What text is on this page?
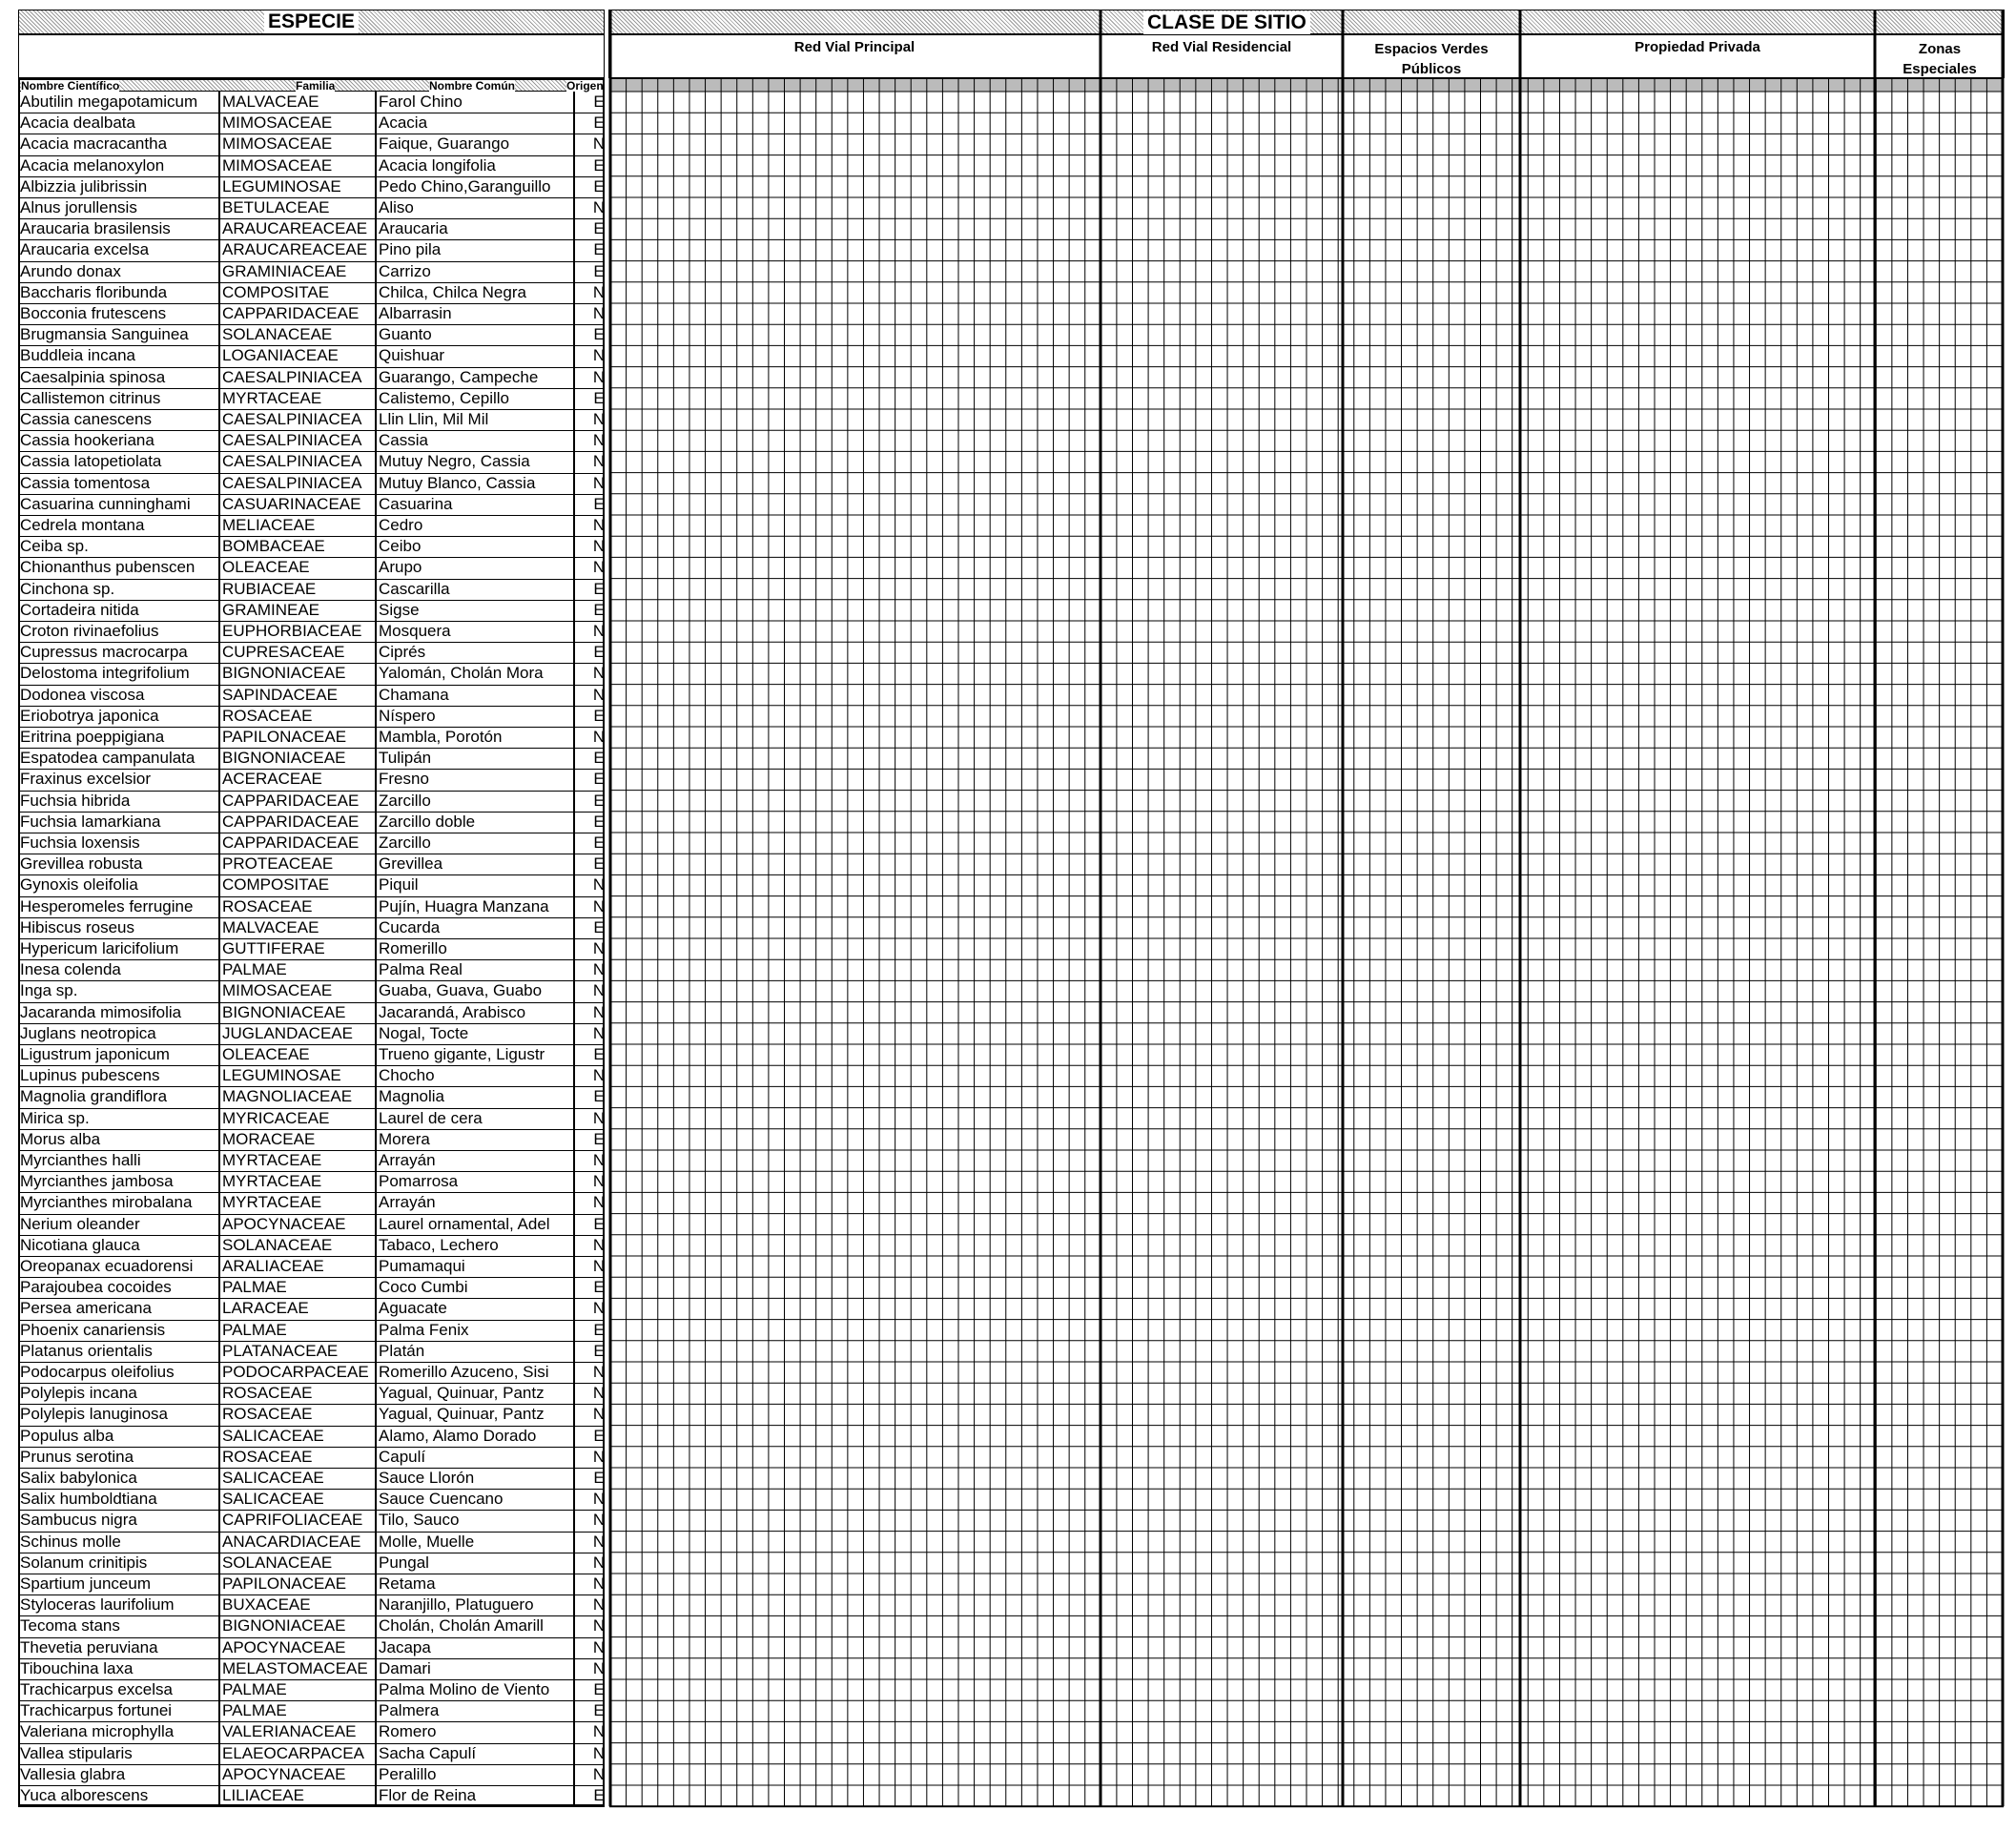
ESPECIE	CLASE DE SITIO
Red Vial Principal	Red Vial Residencial	Espacios Verdes Públicos
Propiedad Privada	Zonas Especiales
Nombre Científico	Familia	Nombre Común	Origen
Abutilin megapotamicum	MALVACEAE	Farol Chino	E
Acacia dealbata	MIMOSACEAE	Acacia	E
Acacia macracantha	MIMOSACEAE	Faique, Guarango	N
Acacia melanoxylon	MIMOSACEAE	Acacia longifolia	E
Albizzia julibrissin	LEGUMINOSAE	Pedo Chino,Garanguillo	E
Alnus jorullensis	BETULACEAE	Aliso	N
Araucaria brasilensis	ARAUCAREACEAE Araucaria	E
Araucaria excelsa	ARAUCAREACEAE Pino pila	E
Arundo donax	GRAMINIACEAE	Carrizo	E
Baccharis floribunda	COMPOSITAE	Chilca, Chilca Negra	N
Bocconia frutescens	CAPPARIDACEAE	Albarrasin	N
Brugmansia Sanguinea	SOLANACEAE	Guanto	E
Buddleia incana	LOGANIACEAE	Quishuar	N
Caesalpinia spinosa	CAESALPINIACEA	Guarango, Campeche	N
Callistemon citrinus	MYRTACEAE	Calistemo, Cepillo	E
Cassia canescens	CAESALPINIACEA	Llin Llin, Mil Mil	N
Cassia hookeriana	CAESALPINIACEA	Cassia	N
Cassia latopetiolata	CAESALPINIACEA	Mutuy Negro, Cassia	N
Cassia tomentosa	CAESALPINIACEA	Mutuy Blanco, Cassia	N
Casuarina cunninghami	CASUARINACEAE	Casuarina	E
Cedrela montana	MELIACEAE	Cedro	N
Ceiba sp.	BOMBACEAE	Ceibo	N
Chionanthus pubenscen	OLEACEAE	Arupo	N
Cinchona sp.	RUBIACEAE	Cascarilla	E
Cortadeira nitida	GRAMINEAE	Sigse	E
Croton rivinaefolius	EUPHORBIACEAE	Mosquera	N
Cupressus macrocarpa	CUPRESACEAE	Ciprés	E
Delostoma integrifolium	BIGNONIACEAE	Yalomán, Cholán Mora	N
Dodonea viscosa	SAPINDACEAE	Chamana	N
Eriobotrya japonica	ROSACEAE	Níspero	E
Eritrina poeppigiana	PAPILONACEAE	Mambla, Porotón	N
Espatodea campanulata	BIGNONIACEAE	Tulipán	E
Fraxinus excelsior	ACERACEAE	Fresno	E
Fuchsia hibrida	CAPPARIDACEAE	Zarcillo	E
Fuchsia lamarkiana	CAPPARIDACEAE	Zarcillo doble	E
Fuchsia loxensis	CAPPARIDACEAE	Zarcillo	E
Grevillea robusta	PROTEACEAE	Grevillea	E
Gynoxis oleifolia	COMPOSITAE	Piquil	N
Hesperomeles ferrugine	ROSACEAE	Pujín, Huagra Manzana	N
Hibiscus roseus	MALVACEAE	Cucarda	E
Hypericum laricifolium	GUTTIFERAE	Romerillo	N
Inesa colenda	PALMAE	Palma Real	N
Inga sp.	MIMOSACEAE	Guaba, Guava, Guabo	N
Jacaranda mimosifolia	BIGNONIACEAE	Jacarandá, Arabisco	N
Juglans neotropica	JUGLANDACEAE	Nogal, Tocte	N
Ligustrum japonicum	OLEACEAE	Trueno gigante, Ligustr	E
Lupinus pubescens	LEGUMINOSAE	Chocho	N
Magnolia grandiflora	MAGNOLIACEAE	Magnolia	E
Mirica sp.	MYRICACEAE	Laurel de cera	N
Morus alba	MORACEAE	Morera	E
Myrcianthes halli	MYRTACEAE	Arrayán	N
Myrcianthes jambosa	MYRTACEAE	Pomarrosa	N
Myrcianthes mirobalana	MYRTACEAE	Arrayán	N
Nerium oleander	APOCYNACEAE	Laurel ornamental, Adel	E
Nicotiana glauca	SOLANACEAE	Tabaco, Lechero	N
Oreopanax ecuadorensi	ARALIACEAE	Pumamaqui	N
Parajoubea cocoides	PALMAE	Coco Cumbi	E
Persea americana	LARACEAE	Aguacate	N
Phoenix canariensis	PALMAE	Palma Fenix	E
Platanus orientalis	PLATANACEAE	Platán	E
Podocarpus oleifolius	PODOCARPACEAE Romerillo Azuceno, Sisi	N
Polylepis incana	ROSACEAE	Yagual, Quinuar, Pantz	N
Polylepis lanuginosa	ROSACEAE	Yagual, Quinuar, Pantz	N
Populus alba	SALICACEAE	Alamo, Alamo Dorado	E
Prunus serotina	ROSACEAE	Capulí	N
Salix babylonica	SALICACEAE	Sauce Llorón	E
Salix humboldtiana	SALICACEAE	Sauce Cuencano	N
Sambucus nigra	CAPRIFOLIACEAE Tilo, Sauco	N
Schinus molle	ANACARDIACEAE	Molle, Muelle	N
Solanum crinitipis	SOLANACEAE	Pungal	N
Spartium junceum	PAPILONACEAE	Retama	N
Styloceras laurifolium	BUXACEAE	Naranjillo, Platuguero	N
Tecoma stans	BIGNONIACEAE	Cholán, Cholán Amarill	N
Thevetia peruviana	APOCYNACEAE	Jacapa	N
Tibouchina laxa	MELASTOMACEAE Damari	N
Trachicarpus excelsa	PALMAE	Palma Molino de Viento	E
Trachicarpus fortunei	PALMAE	Palmera	E
Valeriana microphylla	VALERIANACEAE	Romero	N
Vallea stipularis	ELAEOCARPACEA Sacha Capulí	N
Vallesia glabra	APOCYNACEAE	Peralillo	N
Yuca alborescens	LILIACEAE	Flor de Reina	E
